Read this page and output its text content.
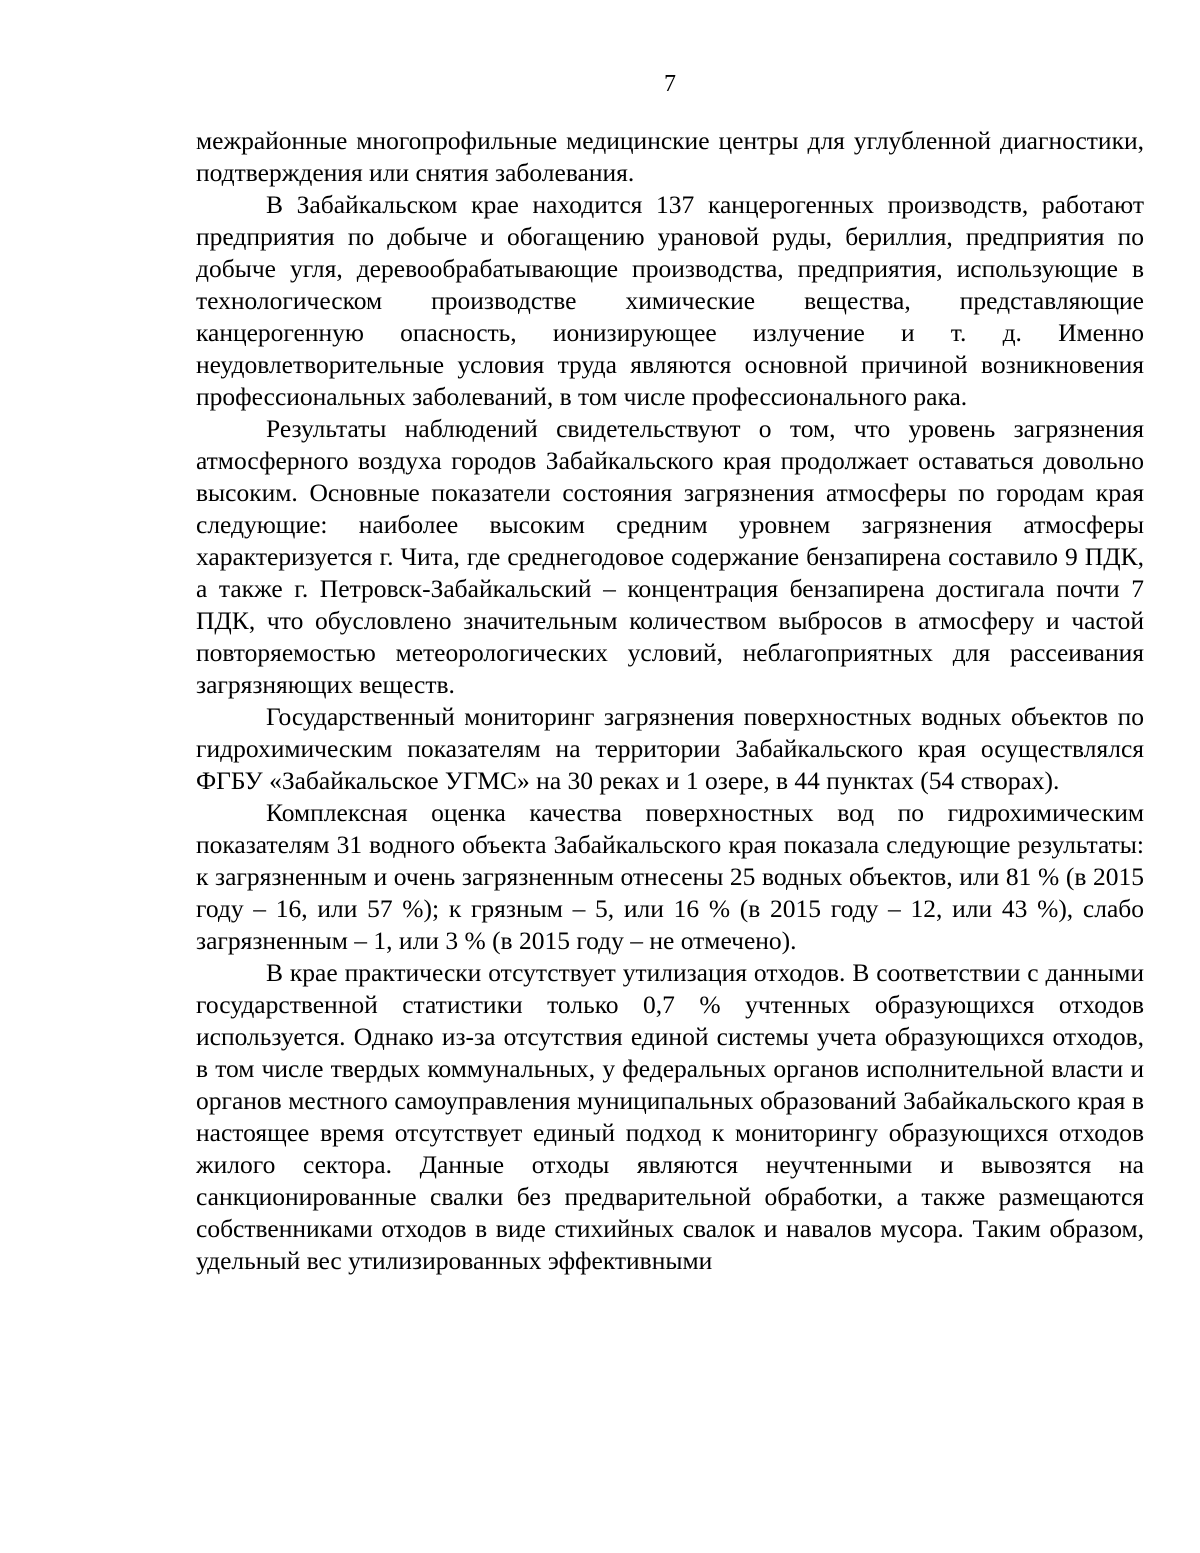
7

межрайонные многопрофильные медицинские центры для углубленной диагностики, подтверждения или снятия заболевания.

В Забайкальском крае находится 137 канцерогенных производств, работают предприятия по добыче и обогащению урановой руды, бериллия, предприятия по добыче угля, деревообрабатывающие производства, предприятия, использующие в технологическом производстве химические вещества, представляющие канцерогенную опасность, ионизирующее излучение и т. д. Именно неудовлетворительные условия труда являются основной причиной возникновения профессиональных заболеваний, в том числе профессионального рака.

Результаты наблюдений свидетельствуют о том, что уровень загрязнения атмосферного воздуха городов Забайкальского края продолжает оставаться довольно высоким. Основные показатели состояния загрязнения атмосферы по городам края следующие: наиболее высоким средним уровнем загрязнения атмосферы характеризуется г. Чита, где среднегодовое содержание бензапирена составило 9 ПДК, а также г. Петровск-Забайкальский – концентрация бензапирена достигала почти 7 ПДК, что обусловлено значительным количеством выбросов в атмосферу и частой повторяемостью метеорологических условий, неблагоприятных для рассеивания загрязняющих веществ.

Государственный мониторинг загрязнения поверхностных водных объектов по гидрохимическим показателям на территории Забайкальского края осуществлялся ФГБУ «Забайкальское УГМС» на 30 реках и 1 озере, в 44 пунктах (54 створах).

Комплексная оценка качества поверхностных вод по гидрохимическим показателям 31 водного объекта Забайкальского края показала следующие результаты: к загрязненным и очень загрязненным отнесены 25 водных объектов, или 81 % (в 2015 году – 16, или 57 %); к грязным – 5, или 16 % (в 2015 году – 12, или 43 %), слабо загрязненным – 1, или 3 % (в 2015 году – не отмечено).

В крае практически отсутствует утилизация отходов. В соответствии с данными государственной статистики только 0,7 % учтенных образующихся отходов используется. Однако из-за отсутствия единой системы учета образующихся отходов, в том числе твердых коммунальных, у федеральных органов исполнительной власти и органов местного самоуправления муниципальных образований Забайкальского края в настоящее время отсутствует единый подход к мониторингу образующихся отходов жилого сектора. Данные отходы являются неучтенными и вывозятся на санкционированные свалки без предварительной обработки, а также размещаются собственниками отходов в виде стихийных свалок и навалов мусора. Таким образом, удельный вес утилизированных эффективными
